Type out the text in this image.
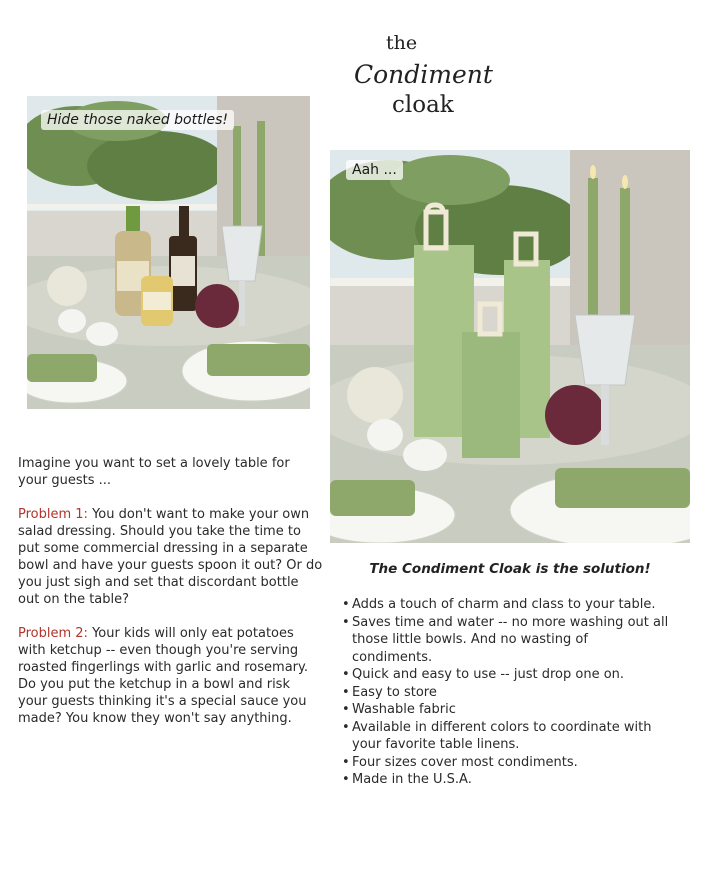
the
Condiment
cloak
Hide those naked bottles!
Aah ...

Imagine you want to set a lovely table for your guests ...

Problem 1: You don't want to make your own salad dressing. Should you take the time to put some commercial dressing in a separate bowl and have your guests spoon it out? Or do you just sigh and set that discordant bottle out on the table?

Problem 2: Your kids will only eat potatoes with ketchup -- even though you're serving roasted fingerlings with garlic and rosemary. Do you put the ketchup in a bowl and risk your guests thinking it's a special sauce you made? You know they won't say anything.

The Condiment Cloak is the solution!
• Adds a touch of charm and class to your table.
• Saves time and water -- no more washing out all those little bowls. And no wasting of condiments.
• Quick and easy to use -- just drop one on.
• Easy to store
• Washable fabric
• Available in different colors to coordinate with your favorite table linens.
• Four sizes cover most condiments.
• Made in the U.S.A.
